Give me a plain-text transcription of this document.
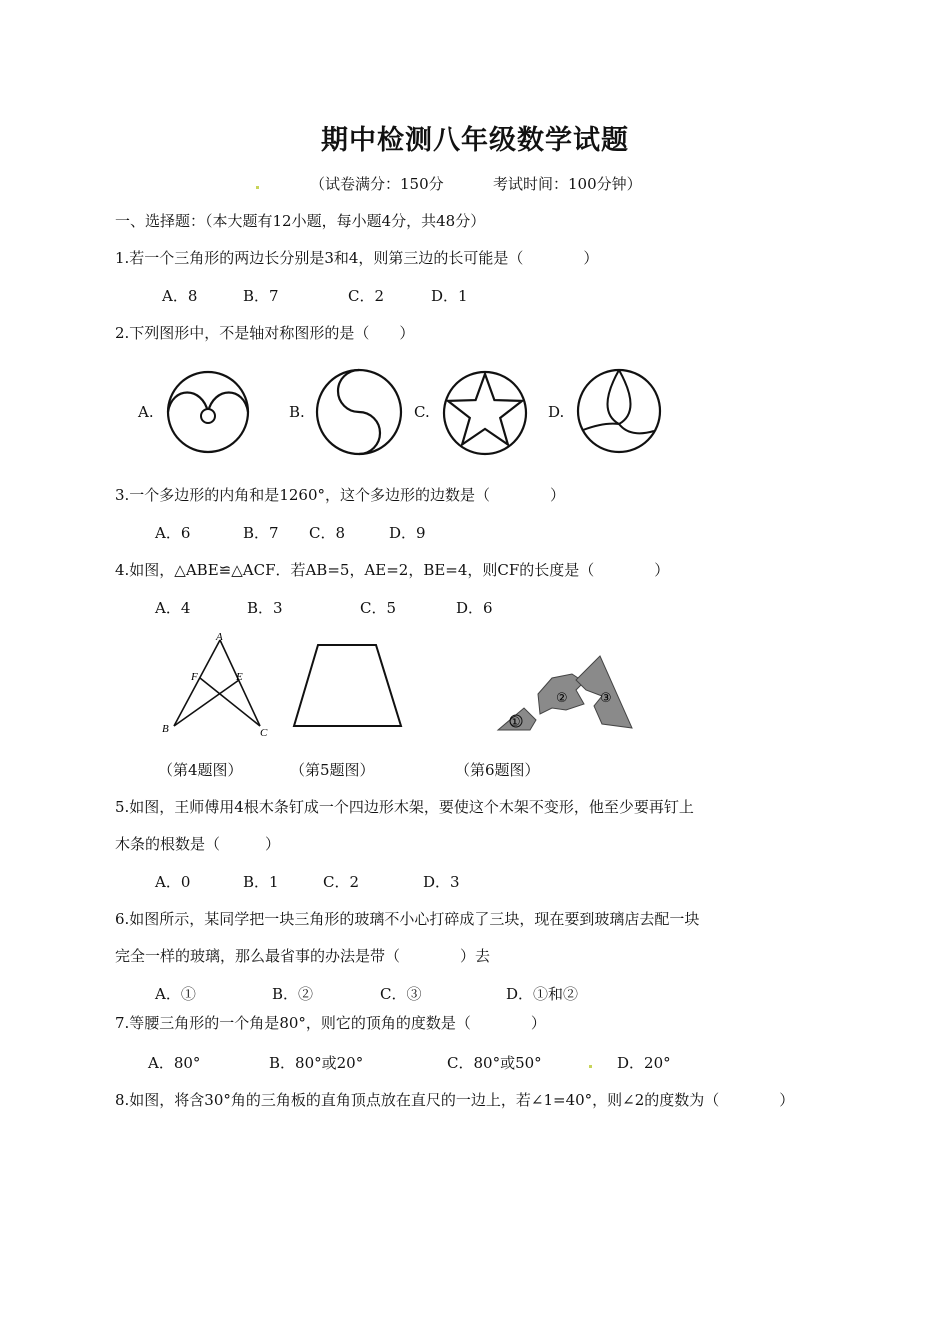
期中检测八年级数学试题
（试卷满分：150分	考试时间：100分钟）
一、选择题：（本大题有12小题，每小题4分，共48分）
1.若一个三角形的两边长分别是3和4，则第三边的长可能是（　　　　）
A．8	B．7	C．2	D．1
2.下列图形中，不是轴对称图形的是（　　）
A.	B.	C.	D.
3.一个多边形的内角和是1260°，这个多边形的边数是（　　　　）
A．6	B．7 C．8	D．9
4.如图，△ABE≌△ACF．若AB=5，AE=2，BE=4，则CF的长度是（　　　　）
A．4	B．3	C．5	D．6
A
F	E
B	C
①
② ③
（第4题图）	（第5题图）	（第6题图）
5.如图，王师傅用4根木条钉成一个四边形木架，要使这个木架不变形，他至少要再钉上
木条的根数是（　　　）
A．0	B．1	C．2	D．3
6.如图所示，某同学把一块三角形的玻璃不小心打碎成了三块，现在要到玻璃店去配一块
完全一样的玻璃，那么最省事的办法是带（　　　　）去
A．①	B．②	C．③	D．①和②
7.等腰三角形的一个角是80°，则它的顶角的度数是（　　　　）
A．80°	B．80°或20°	C．80°或50°	D．20°
8.如图，将含30°角的三角板的直角顶点放在直尺的一边上，若∠1=40°，则∠2的度数为（　　　　）
